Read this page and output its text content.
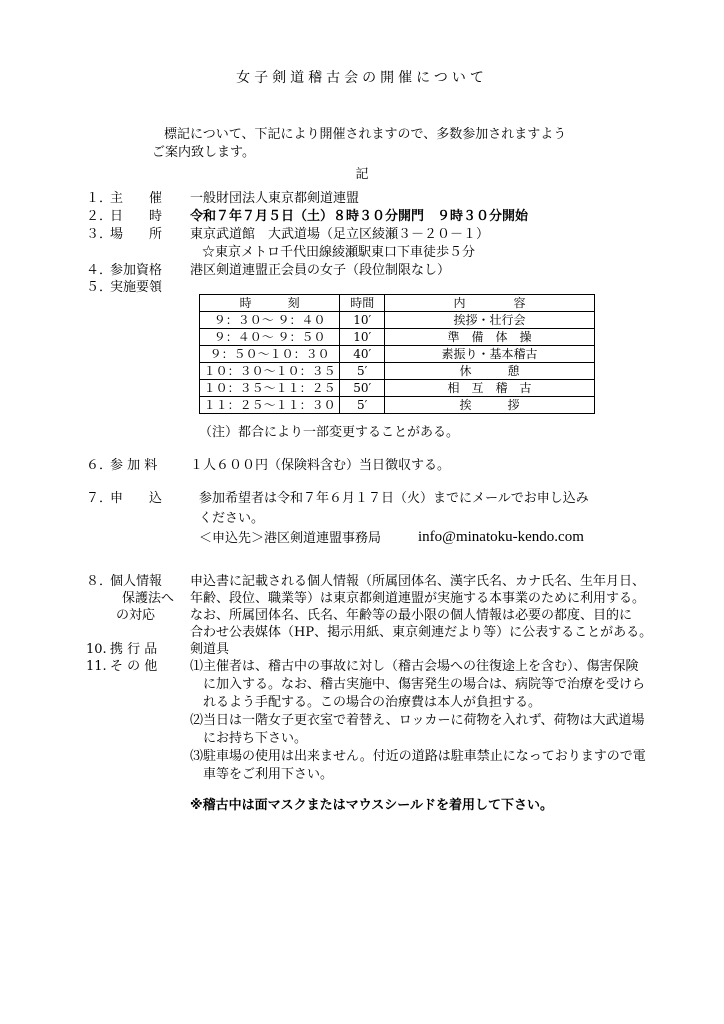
女子剣道稽古会の開催について
標記について、下記により開催されますので、多数参加されますよう
ご案内致します。
記
１．
主　　催 一般財団法人東京都剣道連盟
２．
日　　時 令和７年７月５日（土）８時３０分開門　９時３０分開始
３．
場　　所 東京武道館　大武道場（足立区綾瀬３－２０－１）
☆東京メトロ千代田線綾瀬駅東口下車徒歩５分
４．
参加資格 港区剣道連盟正会員の女子（段位制限なし）
５．
実施要領
時　　　刻	時間	内　　　　容
９：３０～ ９：４０	10′	挨拶・壮行会
９：４０～ ９：５０	10′	準　備　体　操
９：５０～１０：３０	40′	素振り・基本稽古
１０：３０～１０：３５	5′	休　　　憩
１０：３５～１１：２５	50′	相　互　稽　古
１１：２５～１１：３０	5′	挨　　　拶
（注）都合により一部変更することがある。
６．
参 加 料	１人６００円（保険料含む）当日徴収する。
７．
申　　込	参加希望者は令和７年６月１７日（火）までにメールでお申し込み
ください。
＜申込先＞港区剣道連盟事務局 info@minatoku-kendo.com
８．
個人情報
保護法へ
の対応
申込書に記載される個人情報（所属団体名、漢字氏名、カナ氏名、生年月日、
年齢、段位、職業等）は東京都剣道連盟が実施する本事業のために利用する。
なお、所属団体名、氏名、年齢等の最小限の個人情報は必要の都度、目的に
合わせ公表媒体（HP、掲示用紙、東京剣連だより等）に公表することがある。
10. 携 行 品	剣道具
11. そ の 他	⑴主催者は、稽古中の事故に対し（稽古会場への往復途上を含む）、傷害保険
　に加入する。なお、稽古実施中、傷害発生の場合は、病院等で治療を受けら
　れるよう手配する。この場合の治療費は本人が負担する。
⑵当日は一階女子更衣室で着替え、ロッカーに荷物を入れず、荷物は大武道場
　にお持ち下さい。
⑶駐車場の使用は出来ません。付近の道路は駐車禁止になっておりますので電
　車等をご利用下さい。
※稽古中は面マスクまたはマウスシールドを着用して下さい。
